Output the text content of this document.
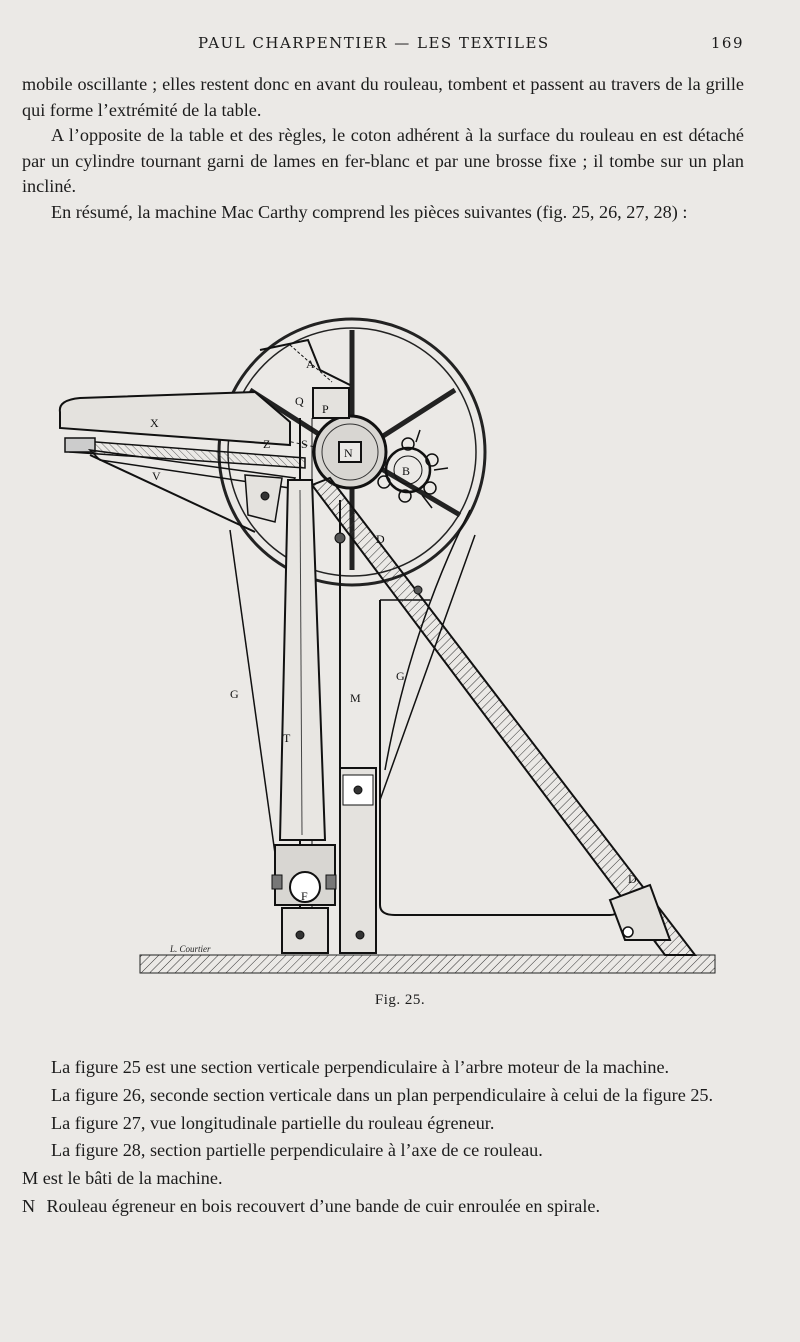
PAUL CHARPENTIER — LES TEXTILES	169

mobile oscillante ; elles restent donc en avant du rouleau, tombent et passent au travers de la grille qui forme l’extrémité de la table.

A l’opposite de la table et des règles, le coton adhérent à la surface du rouleau en est détaché par un cylindre tournant garni de lames en fer-blanc et par une brosse fixe ; il tombe sur un plan incliné.

En résumé, la machine Mac Carthy comprend les pièces suivantes (fig. 25, 26, 27, 28) :

A
Q
P
X
Z	S
V
N
B
D
D
G
G
M
T
F
L. Courtier
Fig. 25.

La figure 25 est une section verticale perpendiculaire à l’arbre moteur de la machine.

La figure 26, seconde section verticale dans un plan perpendiculaire à celui de la figure 25.

La figure 27, vue longitudinale partielle du rouleau égreneur.

La figure 28, section partielle perpendiculaire à l’axe de ce rouleau.

M est le bâti de la machine.

N Rouleau égreneur en bois recouvert d’une bande de cuir enroulée en spirale.
